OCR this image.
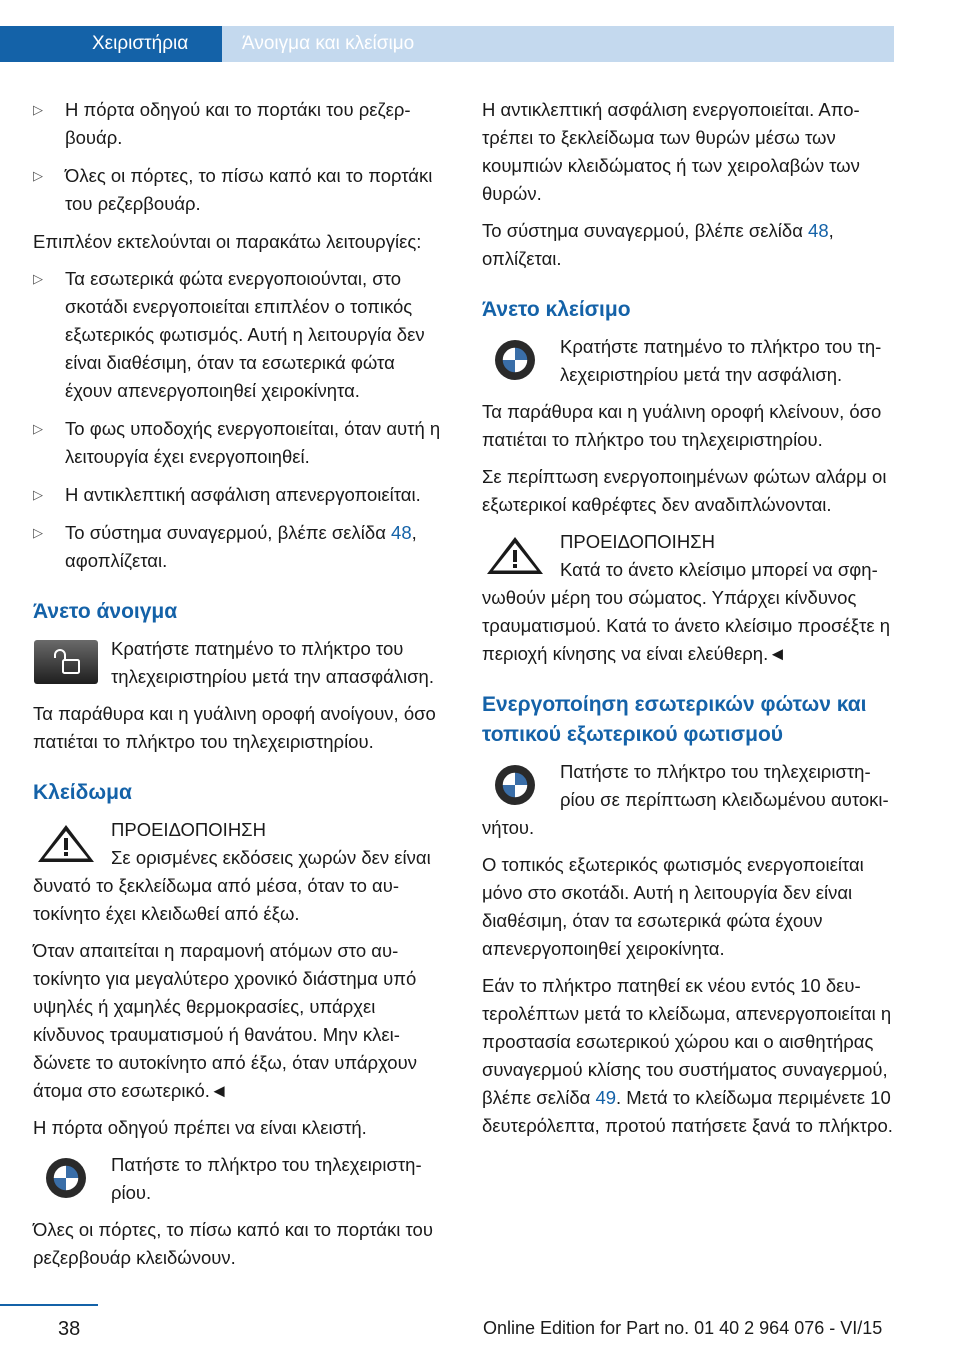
Χειριστήρια	Άνοιγμα και κλείσιμο
▷ Η πόρτα οδηγού και το πορτάκι του ρεζερβουάρ.
▷ Όλες οι πόρτες, το πίσω καπό και το πορτάκι του ρεζερβουάρ.

Επιπλέον εκτελούνται οι παρακάτω λειτουργίες:

▷ Τα εσωτερικά φώτα ενεργοποιούνται, στο σκοτάδι ενεργοποιείται επιπλέον ο τοπικός εξωτερικός φωτισμός. Αυτή η λειτουργία δεν είναι διαθέσιμη, όταν τα εσωτερικά φώτα έχουν απενεργοποιηθεί χειροκίνητα.
▷ Το φως υποδοχής ενεργοποιείται, όταν αυτή η λειτουργία έχει ενεργοποιηθεί.
▷ Η αντικλεπτική ασφάλιση απενεργοποιείται.
▷ Το σύστημα συναγερμού, βλέπε σελίδα 48, αφοπλίζεται.
Άνετο άνοιγμα

Κρατήστε πατημένο το πλήκτρο του τηλεχειριστηρίου μετά την απασφάλιση.

Τα παράθυρα και η γυάλινη οροφή ανοίγουν, όσο πατιέται το πλήκτρο του τηλεχειριστηρίου.

Κλείδωμα

ΠΡΟΕΙΔΟΠΟΙΗΣΗ
Σε ορισμένες εκδόσεις χωρών δεν είναι δυνατό το ξεκλείδωμα από μέσα, όταν το αυτοκίνητο έχει κλειδωθεί από έξω.

Όταν απαιτείται η παραμονή ατόμων στο αυτοκίνητο για μεγαλύτερο χρονικό διάστημα υπό υψηλές ή χαμηλές θερμοκρασίες, υπάρχει κίνδυνος τραυματισμού ή θανάτου. Μην κλειδώνετε το αυτοκίνητο από έξω, όταν υπάρχουν άτομα στο εσωτερικό.◄

Η πόρτα οδηγού πρέπει να είναι κλειστή.

Πατήστε το πλήκτρο του τηλεχειριστηρίου.

Όλες οι πόρτες, το πίσω καπό και το πορτάκι του ρεζερβουάρ κλειδώνουν.

Η αντικλεπτική ασφάλιση ενεργοποιείται. Αποτρέπει το ξεκλείδωμα των θυρών μέσω των κουμπιών κλειδώματος ή των χειρολαβών των θυρών.

Το σύστημα συναγερμού, βλέπε σελίδα 48, οπλίζεται.

Άνετο κλείσιμο

Κρατήστε πατημένο το πλήκτρο του τηλεχειριστηρίου μετά την ασφάλιση.

Τα παράθυρα και η γυάλινη οροφή κλείνουν, όσο πατιέται το πλήκτρο του τηλεχειριστηρίου.

Σε περίπτωση ενεργοποιημένων φώτων αλάρμ οι εξωτερικοί καθρέφτες δεν αναδιπλώνονται.

ΠΡΟΕΙΔΟΠΟΙΗΣΗ
Κατά το άνετο κλείσιμο μπορεί να σφηνωθούν μέρη του σώματος. Υπάρχει κίνδυνος τραυματισμού. Κατά το άνετο κλείσιμο προσέξτε η περιοχή κίνησης να είναι ελεύθερη.◄

Ενεργοποίηση εσωτερικών φώτων και τοπικού εξωτερικού φωτισμού

Πατήστε το πλήκτρο του τηλεχειριστηρίου σε περίπτωση κλειδωμένου αυτοκινήτου.

Ο τοπικός εξωτερικός φωτισμός ενεργοποιείται μόνο στο σκοτάδι. Αυτή η λειτουργία δεν είναι διαθέσιμη, όταν τα εσωτερικά φώτα έχουν απενεργοποιηθεί χειροκίνητα.

Εάν το πλήκτρο πατηθεί εκ νέου εντός 10 δευτερολέπτων μετά το κλείδωμα, απενεργοποιείται η προστασία εσωτερικού χώρου και ο αισθητήρας συναγερμού κλίσης του συστήματος συναγερμού, βλέπε σελίδα 49. Μετά το κλείδωμα περιμένετε 10 δευτερόλεπτα, προτού πατήσετε ξανά το πλήκτρο.

38	Online Edition for Part no. 01 40 2 964 076 - VI/15
